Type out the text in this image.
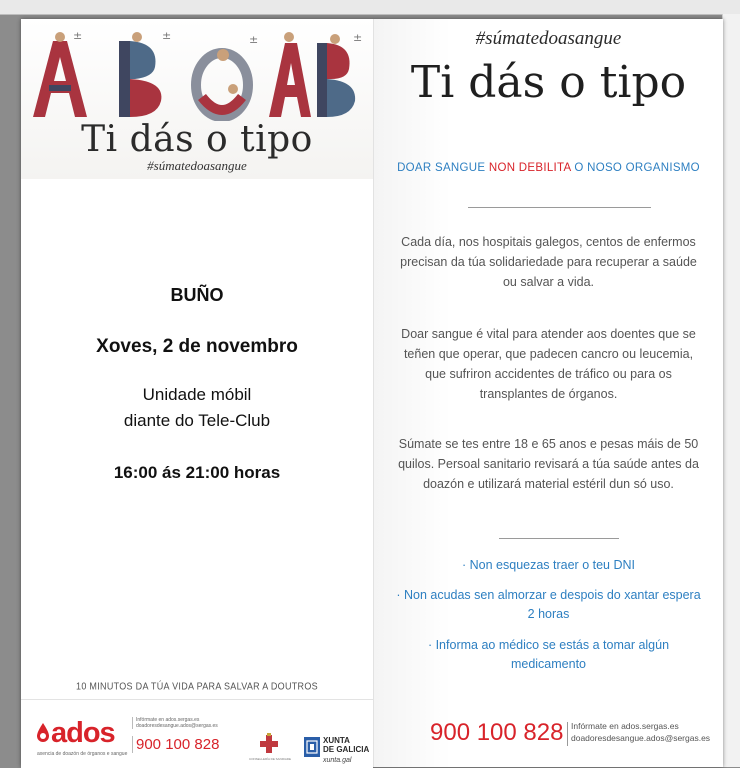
±	±	±	±
Ti dás o tipo
#súmatedoasangue
BUÑO
Xoves, 2 de novembro
Unidade móbil
diante do Tele-Club
16:00 ás 21:00 horas
10 MINUTOS DA TÚA VIDA PARA SALVAR A DOUTROS
ados
axencia de doazón de órganos e sangue
Infórmate en ados.sergas.es
doadoresdesangue.ados@sergas.es
900 100 828
CONSELLERÍA DE SANIDADE
XUNTA
DE GALICIA
xunta.gal
#súmatedoasangue
Ti dás o tipo
DOAR SANGUE NON DEBILITA O NOSO ORGANISMO
Cada día, nos hospitais galegos, centos de enfermos precisan da túa solidariedade para recuperar a saúde ou salvar a vida.
Doar sangue é vital para atender aos doentes que se teñen que operar, que padecen cancro ou leucemia, que sufriron accidentes de tráfico ou para os transplantes de órganos.
Súmate se tes entre 18 e 65 anos e pesas máis de 50 quilos. Persoal sanitario revisará a túa saúde antes da doazón e utilizará material estéril dun só uso.
· Non esquezas traer o teu DNI
· Non acudas sen almorzar e despois do xantar espera 2 horas
· Informa ao médico se estás a tomar algún medicamento
900 100 828 Infórmate en ados.sergas.es
doadoresdesangue.ados@sergas.es
